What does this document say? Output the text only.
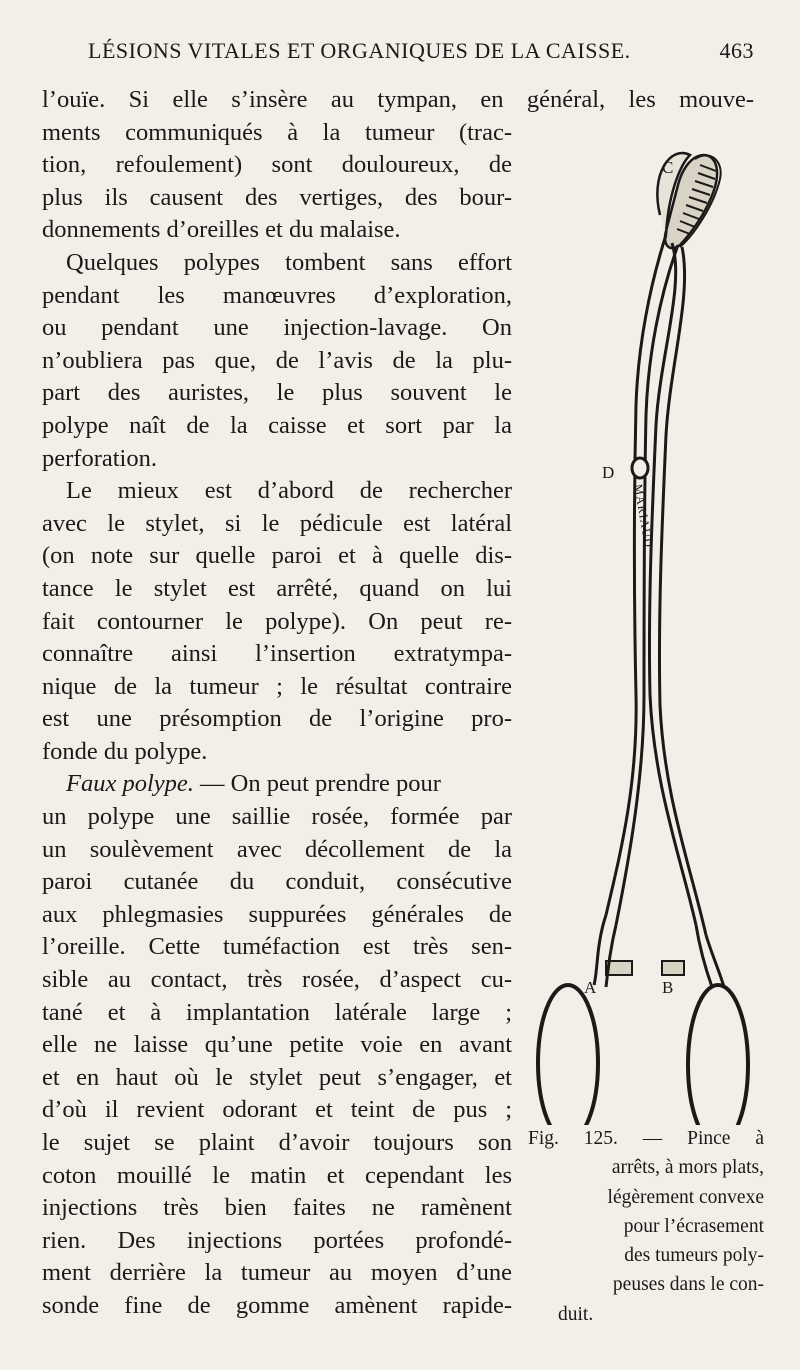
LÉSIONS VITALES ET ORGANIQUES DE LA CAISSE.	463
l’ouïe. Si elle s’insère au tympan, en général, les mouve-
ments communiqués à la tumeur (trac-
tion, refoulement) sont douloureux, de
plus ils causent des vertiges, des bour-
donnements d’oreilles et du malaise.
Quelques polypes tombent sans effort
pendant les manœuvres d’exploration,
ou pendant une injection-lavage. On
n’oubliera pas que, de l’avis de la plu-
part des auristes, le plus souvent le
polype naît de la caisse et sort par la
perforation.
Le mieux est d’abord de rechercher
avec le stylet, si le pédicule est latéral
(on note sur quelle paroi et à quelle dis-
tance le stylet est arrêté, quand on lui
fait contourner le polype). On peut re-
connaître ainsi l’insertion extratympa-
nique de la tumeur ; le résultat contraire
est une présomption de l’origine pro-
fonde du polype.
Faux polype. — On peut prendre pour
un polype une saillie rosée, formée par
un soulèvement avec décollement de la
paroi cutanée du conduit, consécutive
aux phlegmasies suppurées générales de
l’oreille. Cette tuméfaction est très sen-
sible au contact, très rosée, d’aspect cu-
tané et à implantation latérale large ;
elle ne laisse qu’une petite voie en avant
et en haut où le stylet peut s’engager, et
d’où il revient odorant et teint de pus ;
le sujet se plaint d’avoir toujours son
coton mouillé le matin et cependant les
injections très bien faites ne ramènent
rien. Des injections portées profondé-
ment derrière la tumeur au moyen d’une
sonde fine de gomme amènent rapide-
MARIAUD
C
D
A	B
Fig. 125. — Pince à
arrêts, à mors plats,
légèrement convexe
pour l’écrasement
des tumeurs poly-
peuses dans le con-
duit.
